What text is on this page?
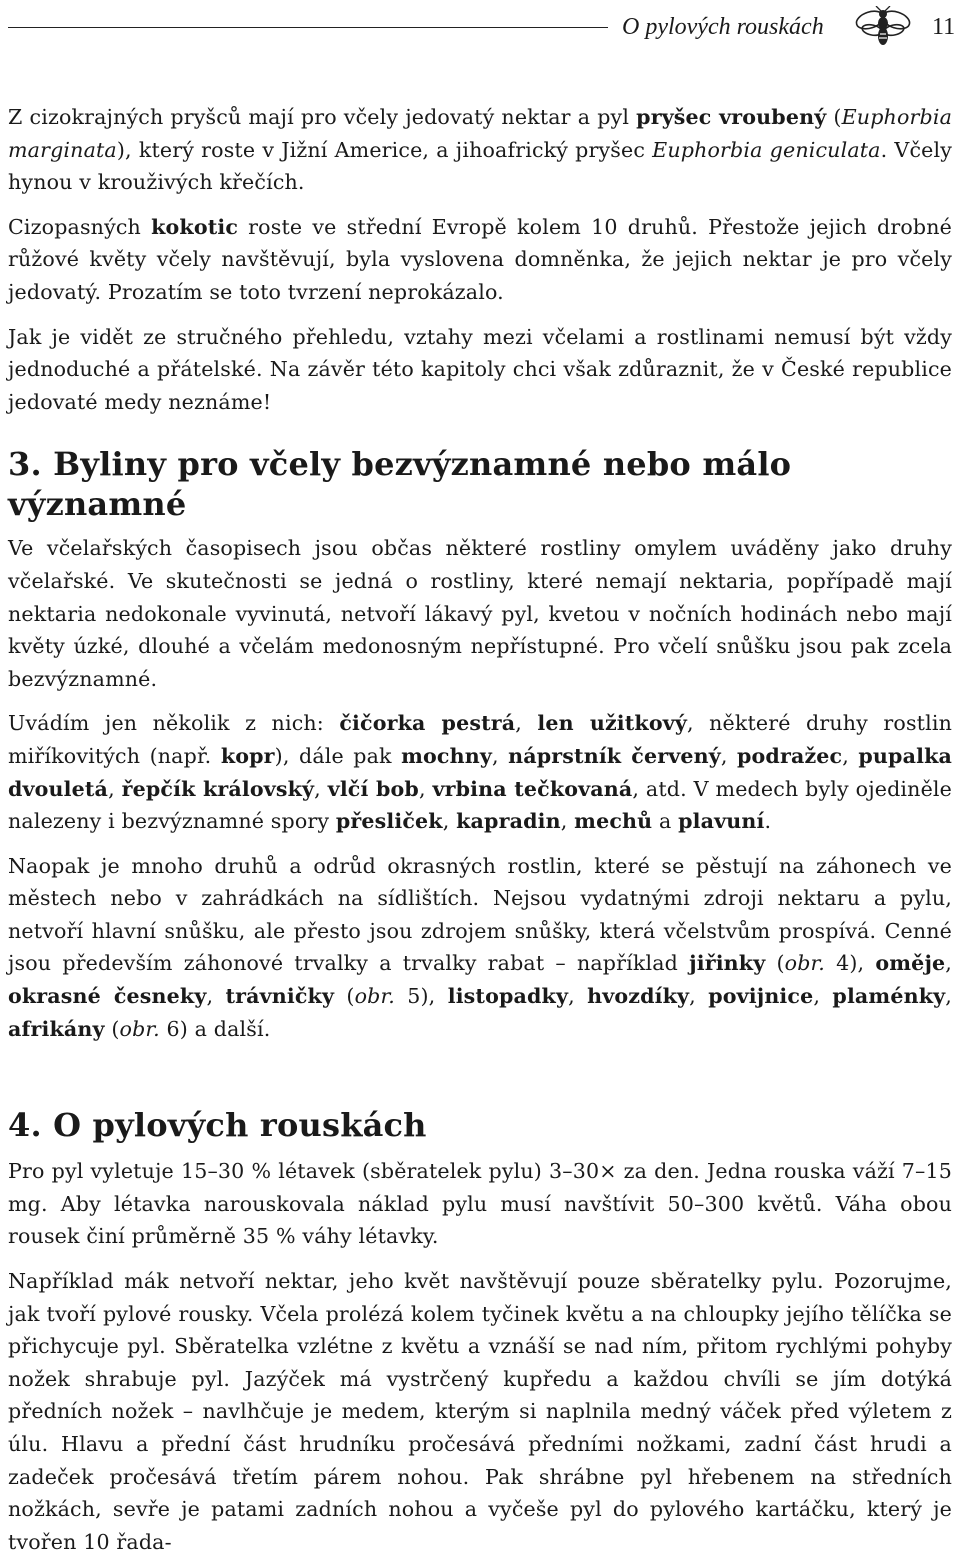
O pylových rouskách	11

Z cizokrajných pryšců mají pro včely jedovatý nektar a pyl pryšec vroubený (Euphorbia marginata), který roste v Jižní Americe, a jihoafrický pryšec Euphorbia geniculata. Včely hynou v krouživých křečích.

Cizopasných kokotic roste ve střední Evropě kolem 10 druhů. Přestože jejich drobné růžové květy včely navštěvují, byla vyslovena domněnka, že jejich nektar je pro včely jedovatý. Prozatím se toto tvrzení neprokázalo.

Jak je vidět ze stručného přehledu, vztahy mezi včelami a rostlinami nemusí být vždy jednoduché a přátelské. Na závěr této kapitoly chci však zdůraznit, že v České republice jedovaté medy neznáme!

3. Byliny pro včely bezvýznamné nebo málo významné

Ve včelařských časopisech jsou občas některé rostliny omylem uváděny jako druhy včelařské. Ve skutečnosti se jedná o rostliny, které nemají nektaria, popřípadě mají nektaria nedokonale vyvinutá, netvoří lákavý pyl, kvetou v nočních hodinách nebo mají květy úzké, dlouhé a včelám medonosným nepřístupné. Pro včelí snůšku jsou pak zcela bezvýznamné.

Uvádím jen několik z nich: čičorka pestrá, len užitkový, některé druhy rostlin miříkovitých (např. kopr), dále pak mochny, náprstník červený, podražec, pupalka dvouletá, řepčík královský, vlčí bob, vrbina tečkovaná, atd. V medech byly ojediněle nalezeny i bezvýznamné spory přesliček, kapradin, mechů a plavuní.

Naopak je mnoho druhů a odrůd okrasných rostlin, které se pěstují na záhonech ve městech nebo v zahrádkách na sídlištích. Nejsou vydatnými zdroji nektaru a pylu, netvoří hlavní snůšku, ale přesto jsou zdrojem snůšky, která včelstvům prospívá. Cenné jsou především záhonové trvalky a trvalky rabat – například jiřinky (obr. 4), oměje, okrasné česneky, trávničky (obr. 5), listopadky, hvozdíky, povijnice, plaménky, afrikány (obr. 6) a další.

4. O pylových rouskách

Pro pyl vyletuje 15–30 % létavek (sběratelek pylu) 3–30× za den. Jedna rouska váží 7–15 mg. Aby létavka narouskovala náklad pylu musí navštívit 50–300 květů. Váha obou rousek činí průměrně 35 % váhy létavky.

Například mák netvoří nektar, jeho květ navštěvují pouze sběratelky pylu. Pozorujme, jak tvoří pylové rousky. Včela prolézá kolem tyčinek květu a na chloupky jejího tělíčka se přichycuje pyl. Sběratelka vzlétne z květu a vznáší se nad ním, přitom rychlými pohyby nožek shrabuje pyl. Jazýček má vystrčený kupředu a každou chvíli se jím dotýká předních nožek – navlhčuje je medem, kterým si naplnila medný váček před výletem z úlu. Hlavu a přední část hrudníku pročesává předními nožkami, zadní část hrudi a zadeček pročesává třetím párem nohou. Pak shrábne pyl hřebenem na středních nožkách, sevře je patami zadních nohou a vyčeše pyl do pylového kartáčku, který je tvořen 10 řada-
